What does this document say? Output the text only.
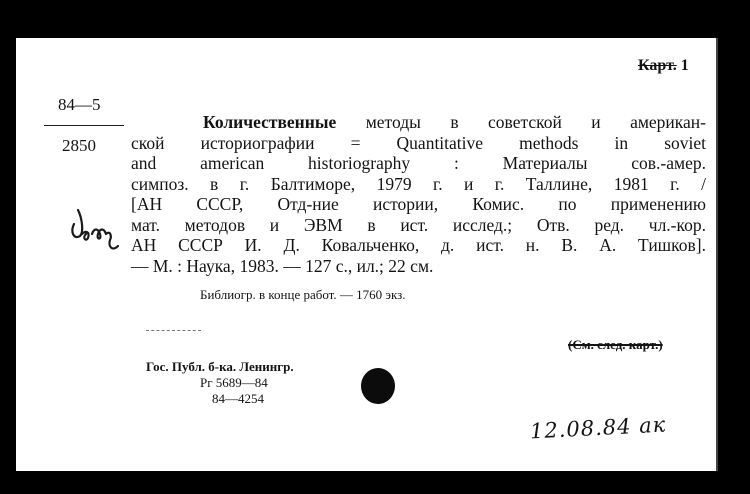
Карт. 1
84—5
2850
Количественные методы в советской и американ-
ской историографии = Quantitative methods in soviet
and american historiography : Материалы сов.-амер.
симпоз. в г. Балтиморе, 1979 г. и г. Таллине, 1981 г. /
[АН СССР, Отд-ние истории, Комис. по применению
мат. методов и ЭВМ в ист. исслед.; Отв. ред. чл.-кор.
АН СССР И. Д. Ковальченко, д. ист. н. В. А. Тишков].
— М. : Наука, 1983. — 127 с., ил.; 22 см.
Библиогр. в конце работ. — 1760 экз.
(См. след. карт.)
Гос. Публ. б-ка. Ленингр.
Рг 5689—84
84—4254
12.08.84 ак
